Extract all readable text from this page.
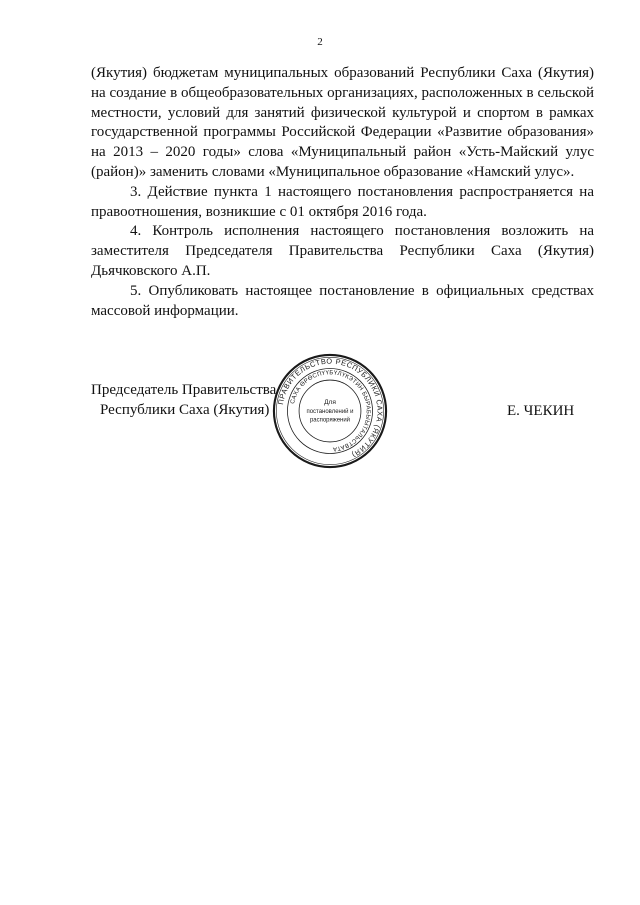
2

(Якутия) бюджетам муниципальных образований Республики Саха (Якутия) на создание в общеобразовательных организациях, расположенных в сельской местности, условий для занятий физической культурой и спортом в рамках государственной программы Российской Федерации «Развитие образования» на 2013 – 2020 годы» слова «Муниципальный район «Усть-Майский улус (район)» заменить словами «Муниципальное образование «Намский улус».

3. Действие пункта 1 настоящего постановления распространяется на правоотношения, возникшие с 01 октября 2016 года.

4. Контроль исполнения настоящего постановления возложить на заместителя Председателя Правительства Республики Саха (Якутия) Дьячковского А.П.

5. Опубликовать настоящее постановление в официальных средствах массовой информации.

Председатель Правительства
Республики Саха (Якутия)	Е. ЧЕКИН
ПРАВИТЕЛЬСТВО РЕСПУБЛИКИ САХА (ЯКУТИЯ)
САХА ӨРӨСПҮҮБҮЛҮКЭТИН БЫРАБЫЫТАЛЬСТВАТА
Для
постановлений и
распоряжений
